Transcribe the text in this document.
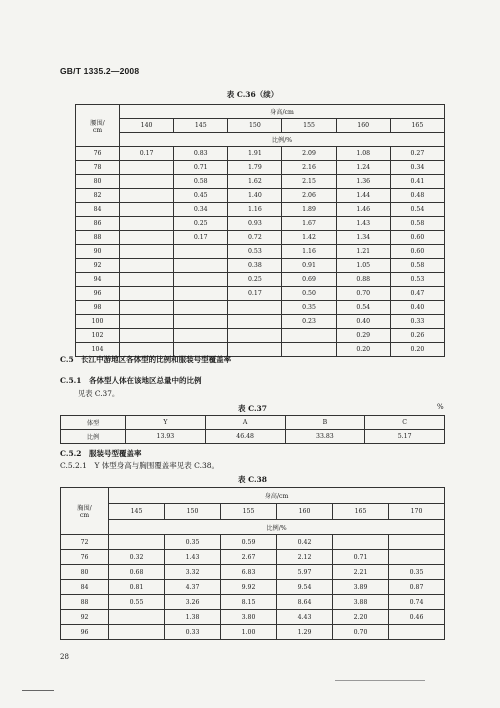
GB/T 1335.2—2008
表 C.36（续）
腰围/
cm	身高/cm					
	140	145	150	155	160	165
	比例/%					
76	0.17	0.83	1.91	2.09	1.08	0.27
78		0.71	1.79	2.16	1.24	0.34
80		0.58	1.62	2.15	1.36	0.41
82		0.45	1.40	2.06	1.44	0.48
84		0.34	1.16	1.89	1.46	0.54
86		0.25	0.93	1.67	1.43	0.58
88		0.17	0.72	1.42	1.34	0.60
90			0.53	1.16	1.21	0.60
92			0.38	0.91	1.05	0.58
94			0.25	0.69	0.88	0.53
96			0.17	0.50	0.70	0.47
98				0.35	0.54	0.40
100				0.23	0.40	0.33
102					0.29	0.26
104					0.20	0.20
C.5　长江中游地区各体型的比例和服装号型覆盖率
C.5.1　各体型人体在该地区总量中的比例
见表 C.37。
表 C.37	%
体型	Y	A	B	C
比例	13.93	46.48	33.83	5.17
C.5.2　服装号型覆盖率
C.5.2.1　Y 体型身高与胸围覆盖率见表 C.38。
表 C.38
胸围/
cm	身高/cm					
	145	150	155	160	165	170
	比例/%					
72		0.35	0.59	0.42		
76	0.32	1.43	2.67	2.12	0.71	
80	0.68	3.32	6.83	5.97	2.21	0.35
84	0.81	4.37	9.92	9.54	3.89	0.87
88	0.55	3.26	8.15	8.64	3.88	0.74
92		1.38	3.80	4.43	2.20	0.46
96		0.33	1.00	1.29	0.70	
28
